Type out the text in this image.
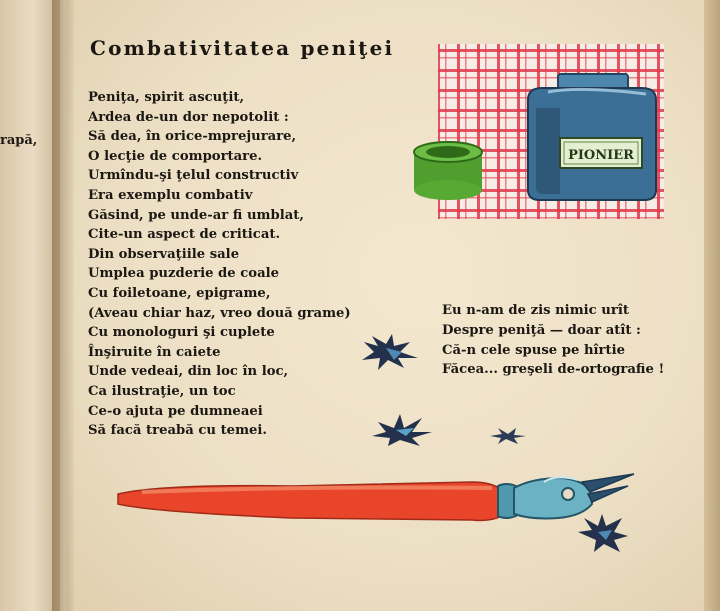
rapă,
Combativitatea peniţei
Peniţa, spirit ascuţit,
Ardea de-un dor nepotolit :
Să dea, în orice-mprejurare,
O lecţie de comportare.
Urmîndu-şi ţelul constructiv
Era exemplu combativ
Găsind, pe unde-ar fi umblat,
Cite-un aspect de criticat.
Din observaţiile sale
Umplea puzderie de coale
Cu foiletoane, epigrame,
(Aveau chiar haz, vreo două grame)
Cu monologuri şi cuplete
Înşiruite în caiete
Unde vedeai, din loc în loc,
Ca ilustraţie, un toc
Ce-o ajuta pe dumneaei
Să facă treabă cu temei.
Eu n-am de zis nimic urît
Despre peniţă — doar atît :
Că-n cele spuse pe hîrtie
Făcea... greşeli de-ortografie !
PIONIER
